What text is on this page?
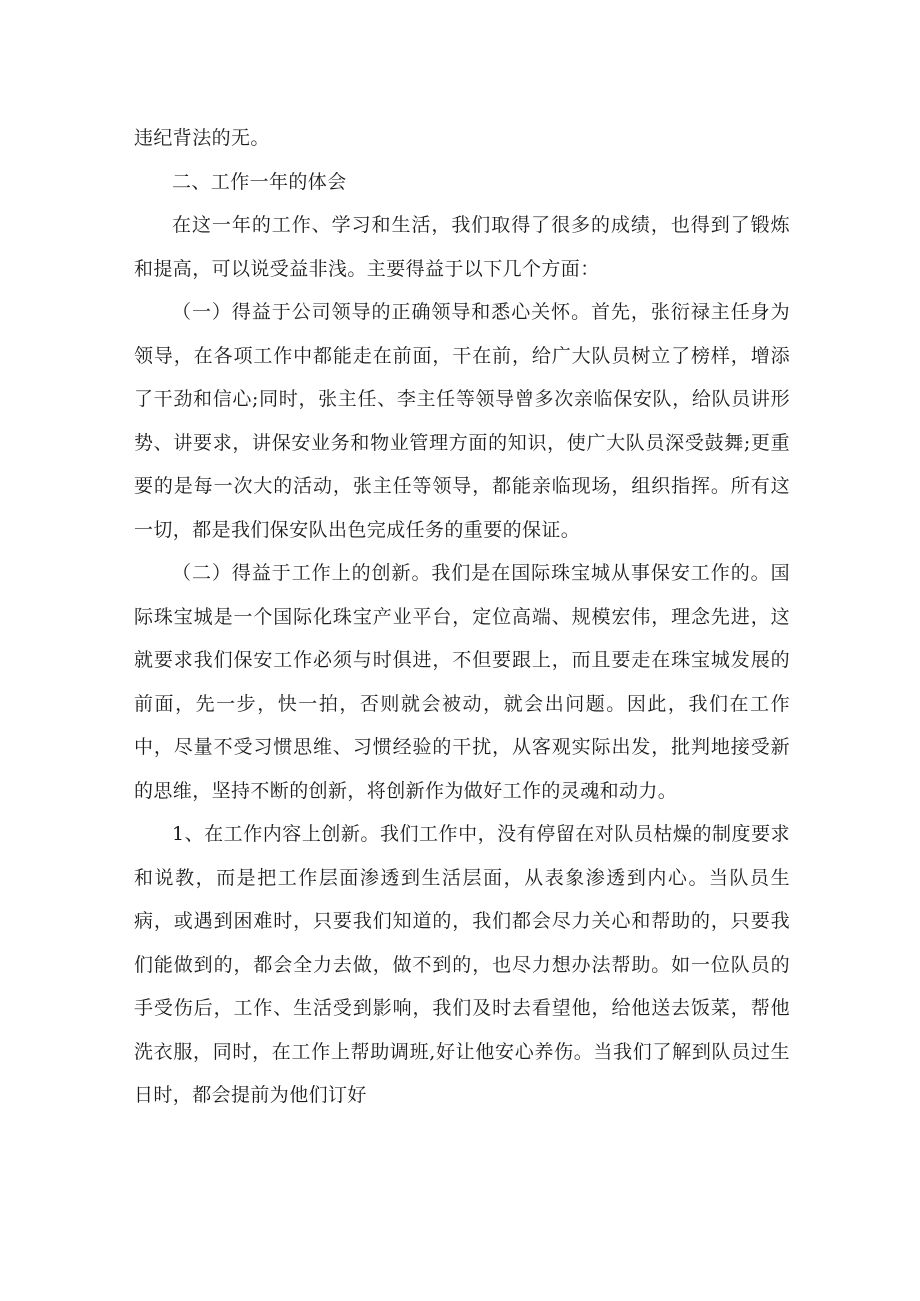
违纪背法的无。

二、工作一年的体会

在这一年的工作、学习和生活，我们取得了很多的成绩，也得到了锻炼和提高，可以说受益非浅。主要得益于以下几个方面：

（一）得益于公司领导的正确领导和悉心关怀。首先，张衍禄主任身为领导，在各项工作中都能走在前面，干在前，给广大队员树立了榜样，增添了干劲和信心;同时，张主任、李主任等领导曾多次亲临保安队，给队员讲形势、讲要求，讲保安业务和物业管理方面的知识，使广大队员深受鼓舞;更重要的是每一次大的活动，张主任等领导，都能亲临现场，组织指挥。所有这一切，都是我们保安队出色完成任务的重要的保证。

（二）得益于工作上的创新。我们是在国际珠宝城从事保安工作的。国际珠宝城是一个国际化珠宝产业平台，定位高端、规模宏伟，理念先进，这就要求我们保安工作必须与时俱进，不但要跟上，而且要走在珠宝城发展的前面，先一步，快一拍，否则就会被动，就会出问题。因此，我们在工作中，尽量不受习惯思维、习惯经验的干扰，从客观实际出发，批判地接受新的思维，坚持不断的创新，将创新作为做好工作的灵魂和动力。

1、在工作内容上创新。我们工作中，没有停留在对队员枯燥的制度要求和说教，而是把工作层面渗透到生活层面，从表象渗透到内心。当队员生病，或遇到困难时，只要我们知道的，我们都会尽力关心和帮助的，只要我们能做到的，都会全力去做，做不到的，也尽力想办法帮助。如一位队员的手受伤后，工作、生活受到影响，我们及时去看望他，给他送去饭菜，帮他洗衣服，同时，在工作上帮助调班,好让他安心养伤。当我们了解到队员过生日时，都会提前为他们订好
